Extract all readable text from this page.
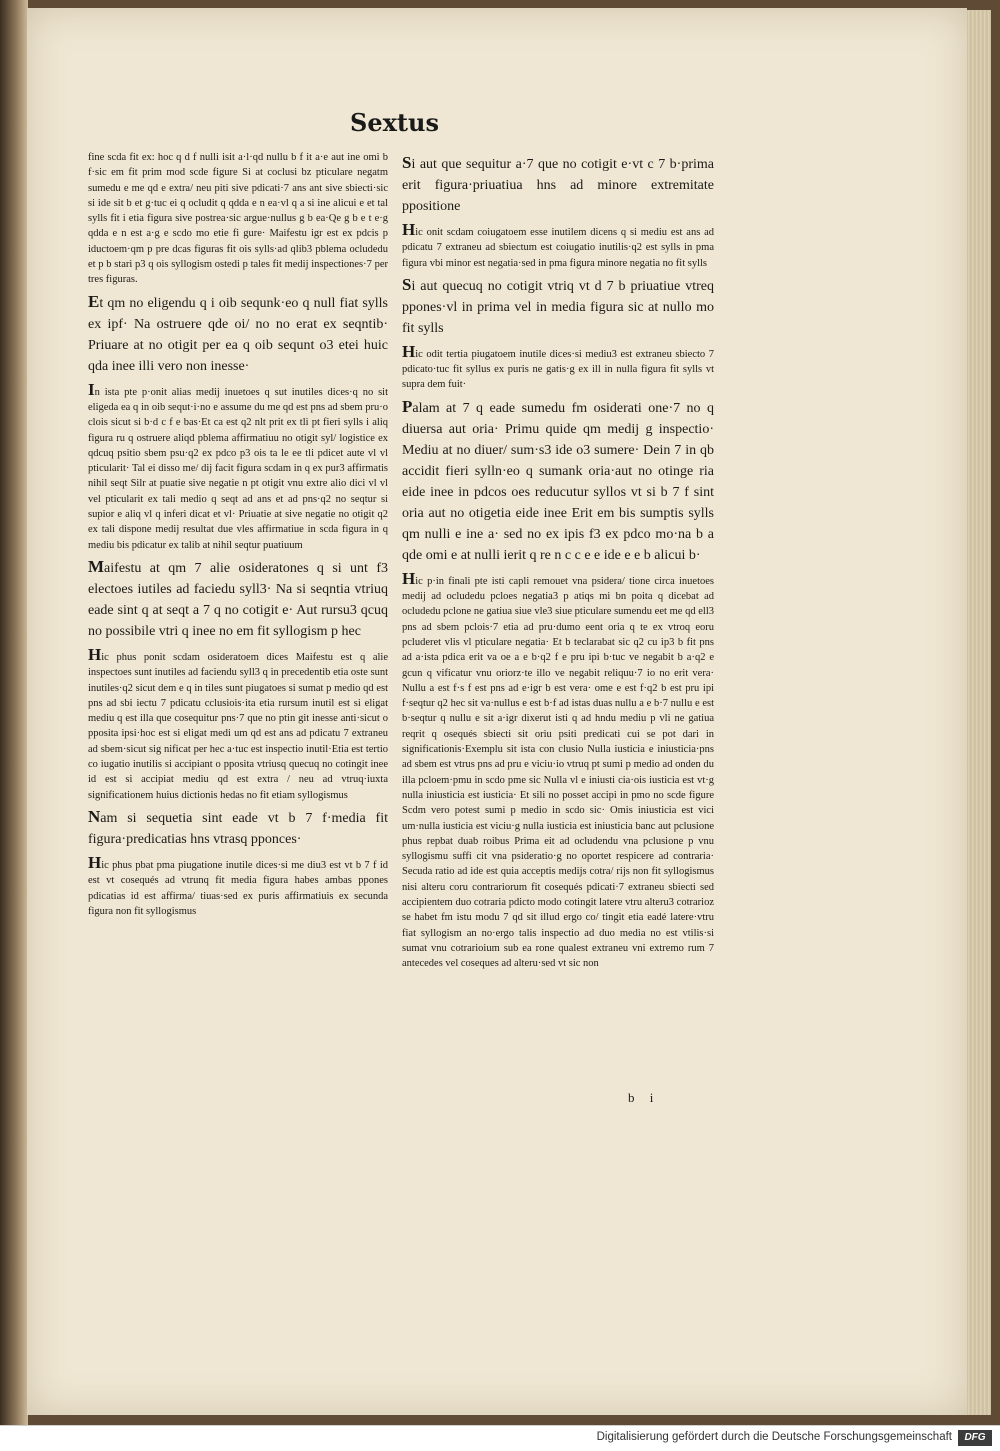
Sextus

fine scda fit ex: hoc q d f nulli isit a·l·qd nullu b f it a·e aut ine omi b f·sic em fit prim mod scde figure Si at coclusi bz pticulare negatm sumedu e me qd e extra/ neu piti sive pdicati·7 ans ant sive sbiecti·sic si ide sit b et g·tuc ei q ocludit q qdda e n ea·vl q a si ine alicui e et tal sylls fit i etia figura sive postrea·sic argue·nullus g b ea·Qe g b e t e·g qdda e n est a·g e scdo mo etie fi gure· Maifestu igr est ex pdcis p iductoem·qm p pre dcas figuras fit ois sylls·ad qlib3 pblema ocludedu et p b stari p3 q ois syllogism ostedi p tales fit medij inspectiones·7 per tres figuras.

Et qm no eligendu q i oib sequnk·eo q null fiat sylls ex ipf· Na ostruere qde oi/ no no erat ex seqntib· Priuare at no otigit per ea q oib sequnt o3 etei huic qda inee illi vero non inesse·

In ista pte p·onit alias medij inuetoes q sut inutiles dices·q no sit eligeda ea q in oib sequt·i·no e assume du me qd est pns ad sbem pru·o clois sicut si b·d c f e bas·Et ca est q2 nlt prit ex tli pt fieri sylls i aliq figura ru q ostruere aliqd pblema affirmatiuu no otigit syl/ logistice ex qdcuq psitio sbem psu·q2 ex pdco p3 ois ta le ee tli pdicet aute vl vl pticularit· Tal ei disso me/ dij facit figura scdam in q ex pur3 affirmatis nihil seqt Silr at puatie sive negatie n pt otigit vnu extre alio dici vl vl vel pticularit ex tali medio q seqt ad ans et ad pns·q2 no seqtur si supior e aliq vl q inferi dicat et vl· Priuatie at sive negatie no otigit q2 ex tali dispone medij resultat due vles affirmatiue in scda figura in q mediu bis pdicatur ex talib at nihil seqtur puatiuum

Maifestu at qm 7 alie osideratones q si unt f3 electoes iutiles ad faciedu syll3· Na si seqntia vtriuq eade sint q at seqt a 7 q no cotigit e· Aut rursu3 qcuq no possibile vtri q inee no em fit syllogism p hec

Hic phus ponit scdam osideratoem dices Maifestu est q alie inspectoes sunt inutiles ad faciendu syll3 q in precedentib etia oste sunt inutiles·q2 sicut dem e q in tiles sunt piugatoes si sumat p medio qd est pns ad sbi iectu 7 pdicatu cclusiois·ita etia rursum inutil est si eligat mediu q est illa que cosequitur pns·7 que no ptin git inesse anti·sicut o pposita ipsi·hoc est si eligat medi um qd est ans ad pdicatu 7 extraneu ad sbem·sicut sig nificat per hec a·tuc est inspectio inutil·Etia est tertio co iugatio inutilis si accipiant o pposita vtriusq quecuq no cotingit inee id est si accipiat mediu qd est extra / neu ad vtruq·iuxta significationem huius dictionis hedas no fit etiam syllogismus

Nam si sequetia sint eade vt b 7 f·media fit figura·predicatias hns vtrasq pponces·

Hic phus pbat pma piugatione inutile dices·si me diu3 est vt b 7 f id est vt cosequés ad vtrunq fit media figura habes ambas ppones pdicatias id est affirma/ tiuas·sed ex puris affirmatiuis ex secunda figura non fit syllogismus

Si aut que sequitur a·7 que no cotigit e·vt c 7 b·prima erit figura·priuatiua hns ad minore extremitate ppositione

Hic onit scdam coiugatoem esse inutilem dicens q si mediu est ans ad pdicatu 7 extraneu ad sbiectum est coiugatio inutilis·q2 est sylls in pma figura vbi minor est negatia·sed in pma figura minore negatia no fit sylls

Si aut quecuq no cotigit vtriq vt d 7 b priuatiue vtreq ppones·vl in prima vel in media figura sic at nullo mo fit sylls

Hic odit tertia piugatoem inutile dices·si mediu3 est extraneu sbiecto 7 pdicato·tuc fit syllus ex puris ne gatis·g ex ill in nulla figura fit sylls vt supra dem fuit·

Palam at 7 q eade sumedu fm osiderati one·7 no q diuersa aut oria· Primu quide qm medij g inspectio· Mediu at no diuer/ sum·s3 ide o3 sumere· Dein 7 in qb accidit fieri sylln·eo q sumank oria·aut no otinge ria eide inee in pdcos oes reducutur syllos vt si b 7 f sint oria aut no otigetia eide inee Erit em bis sumptis sylls qm nulli e ine a· sed no ex ipis f3 ex pdco mo·na b a qde omi e at nulli ierit q re n c c e e ide e e b alicui b·

Hic p·in finali pte isti capli remouet vna psidera/ tione circa inuetoes medij ad ocludedu pcloes negatia3 p atiqs mi bn poita q dicebat ad ocludedu pclone ne gatiua siue vle3 siue pticulare sumendu eet me qd ell3 pns ad sbem pclois·7 etia ad pru·dumo eent oria q te ex vtroq eoru pcluderet vlis vl pticulare negatia· Et b teclarabat sic q2 cu ip3 b fit pns ad a·ista pdica erit va oe a e b·q2 f e pru ipi b·tuc ve negabit b a·q2 e gcun q vificatur vnu oriorz·te illo ve negabit reliquu·7 io no erit vera· Nullu a est f·s f est pns ad e·igr b est vera· ome e est f·q2 b est pru ipi f·seqtur q2 hec sit va·nullus e est b·f ad istas duas nullu a e b·7 nullu e est b·seqtur q nullu e sit a·igr dixerut isti q ad hndu mediu p vli ne gatiua reqrit q osequés sbiecti sit oriu psiti predicati cui se pot dari in significationis·Exemplu sit ista con clusio Nulla iusticia e iniusticia·pns ad sbem est vtrus pns ad pru e viciu·io vtruq pt sumi p medio ad onden du illa pcloem·pmu in scdo pme sic Nulla vl e iniusti cia·ois iusticia est vt·g nulla iniusticia est iusticia· Et sili no posset accipi in pmo no scde figure Scdm vero potest sumi p medio in scdo sic· Omis iniusticia est vici um·nulla iusticia est viciu·g nulla iusticia est iniusticia banc aut pclusione phus repbat duab roibus Prima eit ad ocludendu vna pclusione p vnu syllogismu suffi cit vna psideratio·g no oportet respicere ad contraria· Secuda ratio ad ide est quia acceptis medijs cotra/ rijs non fit syllogismus nisi alteru coru contrariorum fit cosequés pdicati·7 extraneu sbiecti sed accipientem duo cotraria pdicto modo cotingit latere vtru alteru3 cotrarioz se habet fm istu modu 7 qd sit illud ergo co/ tingit etia eadé latere·vtru fiat syllogism an no·ergo talis inspectio ad duo media no est vtilis·si sumat vnu cotrarioium sub ea rone qualest extraneu vni extremo rum 7 antecedes vel coseques ad alteru·sed vt sic non

b i
Digitalisierung gefördert durch die Deutsche Forschungsgemeinschaft	DFG
